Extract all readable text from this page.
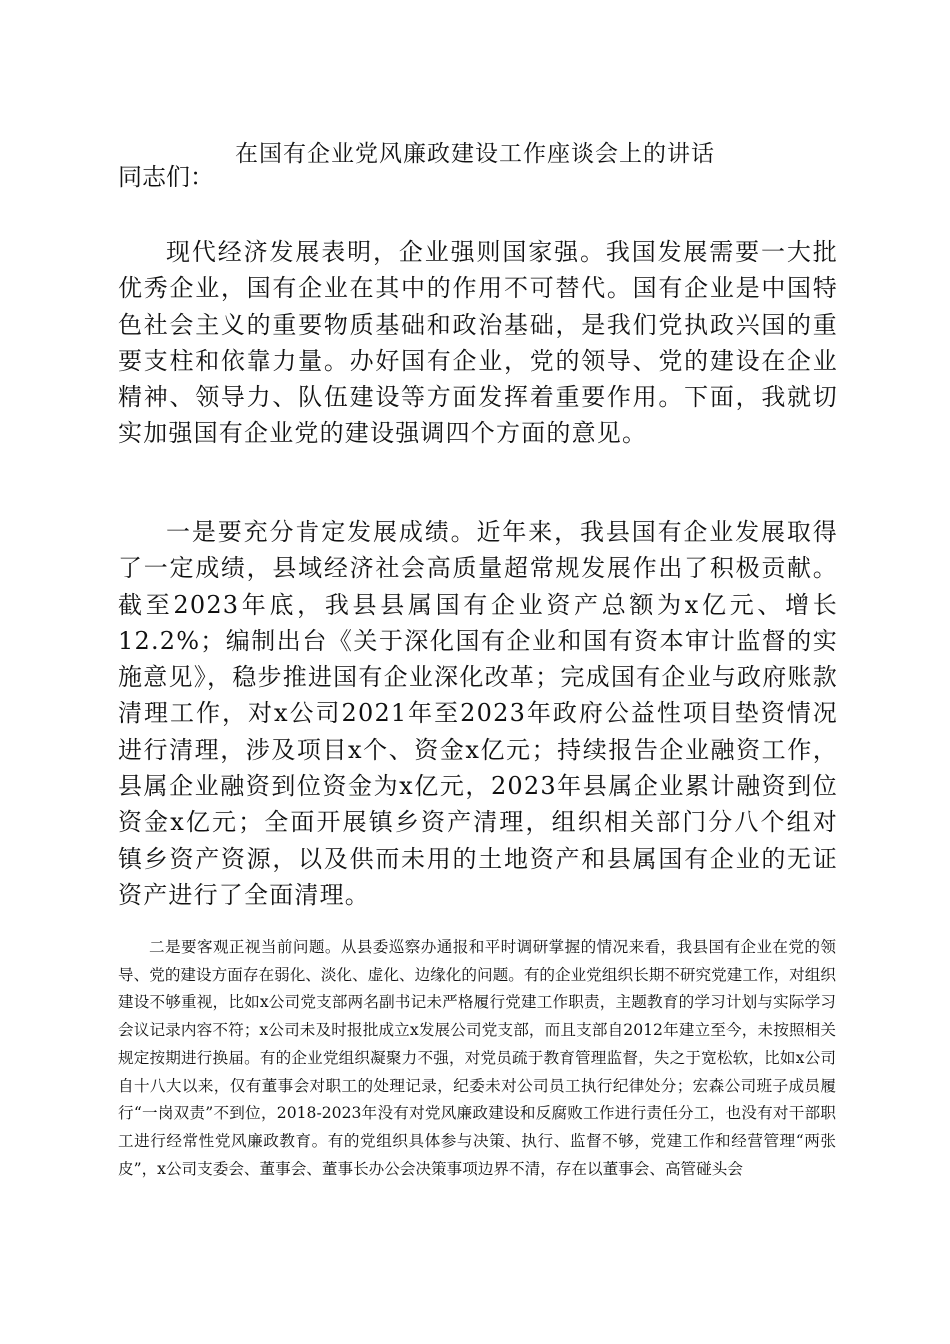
在国有企业党风廉政建设工作座谈会上的讲话

同志们：

现代经济发展表明，企业强则国家强。我国发展需要一大批优秀企业，国有企业在其中的作用不可替代。国有企业是中国特色社会主义的重要物质基础和政治基础，是我们党执政兴国的重要支柱和依靠力量。办好国有企业，党的领导、党的建设在企业精神、领导力、队伍建设等方面发挥着重要作用。下面，我就切实加强国有企业党的建设强调四个方面的意见。

一是要充分肯定发展成绩。近年来，我县国有企业发展取得了一定成绩，县域经济社会高质量超常规发展作出了积极贡献。截至2023年底，我县县属国有企业资产总额为x亿元、增长12.2%；编制出台《关于深化国有企业和国有资本审计监督的实施意见》，稳步推进国有企业深化改革；完成国有企业与政府账款清理工作，对x公司2021年至2023年政府公益性项目垫资情况进行清理，涉及项目x个、资金x亿元；持续报告企业融资工作，县属企业融资到位资金为x亿元，2023年县属企业累计融资到位资金x亿元；全面开展镇乡资产清理，组织相关部门分八个组对镇乡资产资源，以及供而未用的土地资产和县属国有企业的无证资产进行了全面清理。

二是要客观正视当前问题。从县委巡察办通报和平时调研掌握的情况来看，我县国有企业在党的领导、党的建设方面存在弱化、淡化、虚化、边缘化的问题。有的企业党组织长期不研究党建工作，对组织建设不够重视，比如x公司党支部两名副书记未严格履行党建工作职责，主题教育的学习计划与实际学习会议记录内容不符；x公司未及时报批成立x发展公司党支部，而且支部自2012年建立至今，未按照相关规定按期进行换届。有的企业党组织凝聚力不强，对党员疏于教育管理监督，失之于宽松软，比如x公司自十八大以来，仅有董事会对职工的处理记录，纪委未对公司员工执行纪律处分；宏森公司班子成员履行“一岗双责”不到位，2018-2023年没有对党风廉政建设和反腐败工作进行责任分工，也没有对干部职工进行经常性党风廉政教育。有的党组织具体参与决策、执行、监督不够，党建工作和经营管理“两张皮”，x公司支委会、董事会、董事长办公会决策事项边界不清，存在以董事会、高管碰头会
